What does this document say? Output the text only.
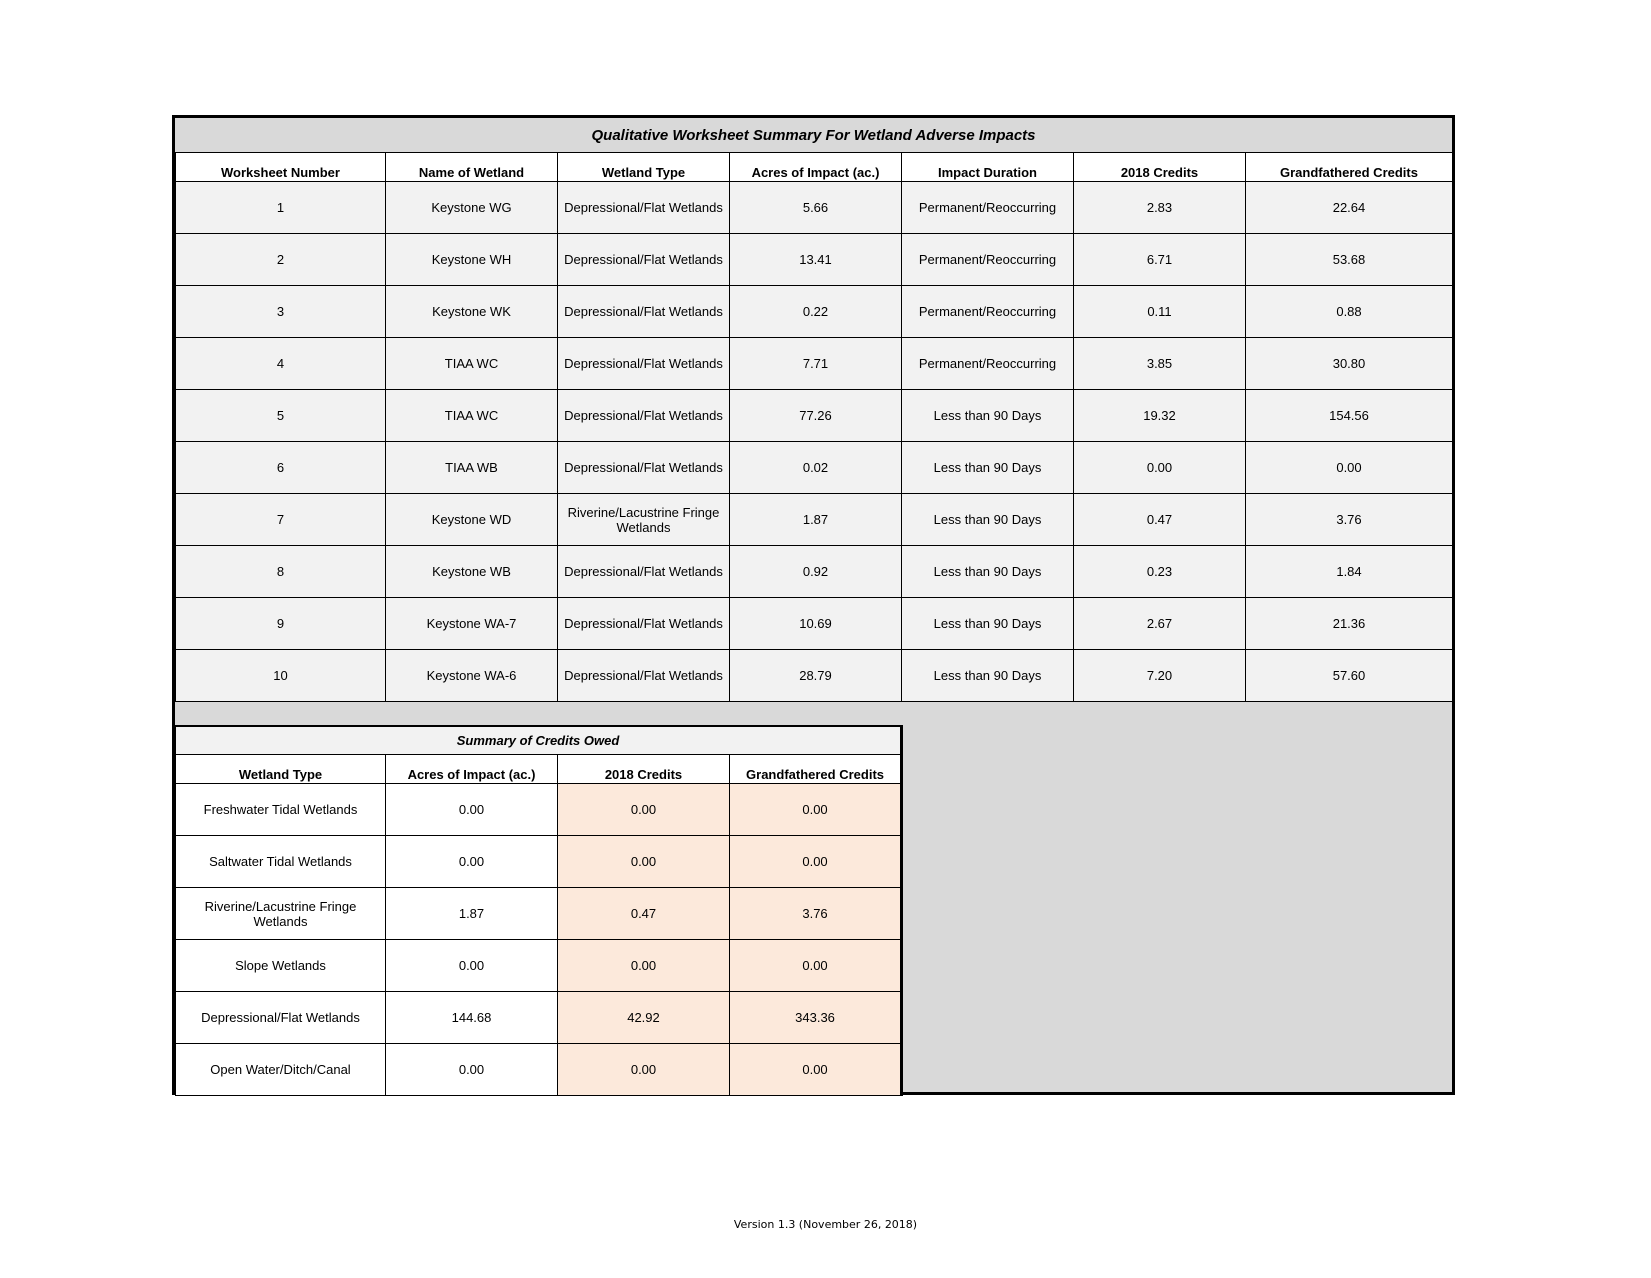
Qualitative Worksheet Summary For Wetland Adverse Impacts
Worksheet Number	Name of Wetland	Wetland Type	Acres of Impact (ac.)	Impact Duration	2018 Credits	Grandfathered Credits
1	Keystone WG	Depressional/Flat Wetlands	5.66	Permanent/Reoccurring	2.83	22.64
2	Keystone WH	Depressional/Flat Wetlands	13.41	Permanent/Reoccurring	6.71	53.68
3	Keystone WK	Depressional/Flat Wetlands	0.22	Permanent/Reoccurring	0.11	0.88
4	TIAA WC	Depressional/Flat Wetlands	7.71	Permanent/Reoccurring	3.85	30.80
5	TIAA WC	Depressional/Flat Wetlands	77.26	Less than 90 Days	19.32	154.56
6	TIAA WB	Depressional/Flat Wetlands	0.02	Less than 90 Days	0.00	0.00
7	Keystone WD	Riverine/Lacustrine Fringe Wetlands	1.87	Less than 90 Days	0.47	3.76
8	Keystone WB	Depressional/Flat Wetlands	0.92	Less than 90 Days	0.23	1.84
9	Keystone WA-7	Depressional/Flat Wetlands	10.69	Less than 90 Days	2.67	21.36
10	Keystone WA-6	Depressional/Flat Wetlands	28.79	Less than 90 Days	7.20	57.60
Summary of Credits Owed			
Wetland Type	Acres of Impact (ac.)	2018 Credits	Grandfathered Credits
Freshwater Tidal Wetlands	0.00	0.00	0.00
Saltwater Tidal Wetlands	0.00	0.00	0.00
Riverine/Lacustrine Fringe Wetlands	1.87	0.47	3.76
Slope Wetlands	0.00	0.00	0.00
Depressional/Flat Wetlands	144.68	42.92	343.36
Open Water/Ditch/Canal	0.00	0.00	0.00
Version 1.3 (November 26, 2018)
